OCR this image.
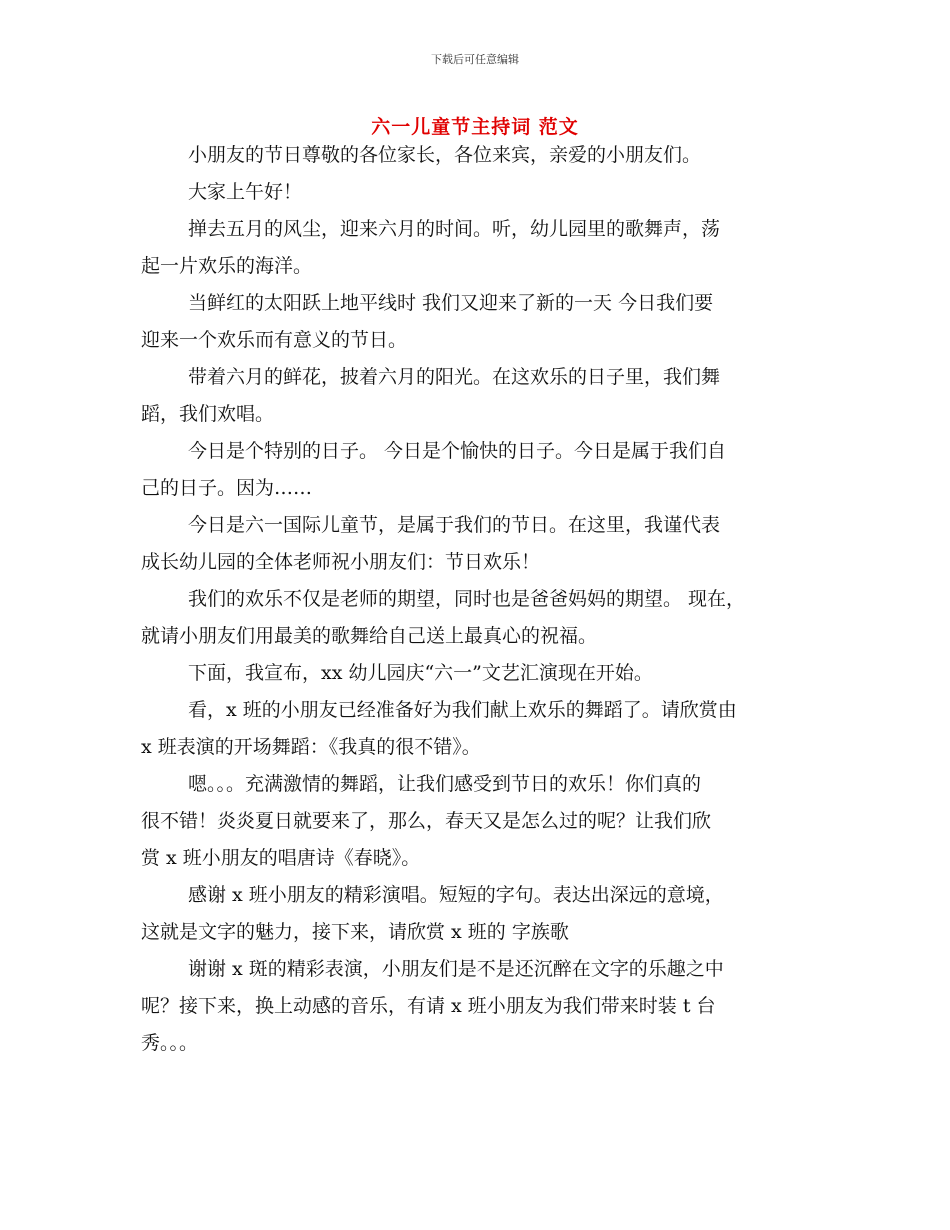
下载后可任意编辑
六一儿童节主持词 范文

小朋友的节日尊敬的各位家长，各位来宾，亲爱的小朋友们。

大家上午好！

掸去五月的风尘，迎来六月的时间。听，幼儿园里的歌舞声，荡
起一片欢乐的海洋。

当鲜红的太阳跃上地平线时 我们又迎来了新的一天 今日我们要
迎来一个欢乐而有意义的节日。

带着六月的鲜花，披着六月的阳光。在这欢乐的日子里，我们舞
蹈，我们欢唱。

今日是个特别的日子。 今日是个愉快的日子。今日是属于我们自
己的日子。因为……

今日是六一国际儿童节，是属于我们的节日。在这里，我谨代表
成长幼儿园的全体老师祝小朋友们：节日欢乐！

我们的欢乐不仅是老师的期望，同时也是爸爸妈妈的期望。 现在，
就请小朋友们用最美的歌舞给自己送上最真心的祝福。

下面，我宣布，xx 幼儿园庆“六一”文艺汇演现在开始。

看，x 班的小朋友已经准备好为我们献上欢乐的舞蹈了。请欣赏由
x 班表演的开场舞蹈：《我真的很不错》。

嗯。。。充满激情的舞蹈，让我们感受到节日的欢乐！你们真的
很不错！炎炎夏日就要来了，那么，春天又是怎么过的呢？让我们欣
赏 x 班小朋友的唱唐诗《春晓》。

感谢 x 班小朋友的精彩演唱。短短的字句。表达出深远的意境，
这就是文字的魅力，接下来，请欣赏 x 班的 字族歌

谢谢 x 斑的精彩表演，小朋友们是不是还沉醉在文字的乐趣之中
呢？接下来，换上动感的音乐，有请 x 班小朋友为我们带来时装 t 台
秀。。。
